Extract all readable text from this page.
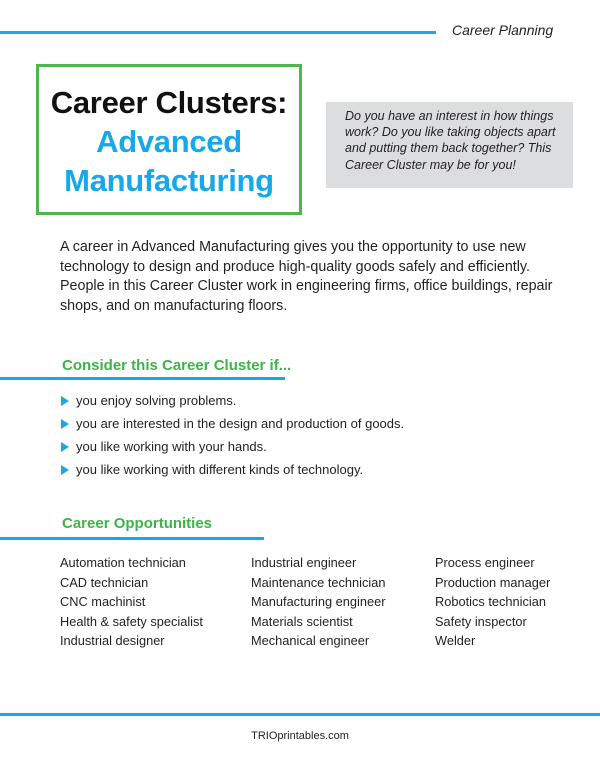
Career Planning
Career Clusters:
Advanced
Manufacturing
Do you have an interest in how things work? Do you like taking objects apart and putting them back together? This Career Cluster may be for you!
A career in Advanced Manufacturing gives you the opportunity to use new technology to design and produce high-quality goods safely and efficiently. People in this Career Cluster work in engineering firms, office buildings, repair shops, and on manufacturing floors.
Consider this Career Cluster if...
you enjoy solving problems.
you are interested in the design and production of goods.
you like working with your hands.
you like working with different kinds of technology.
Career Opportunities
Automation technician
CAD technician
CNC machinist
Health & safety specialist
Industrial designer
Industrial engineer
Maintenance technician
Manufacturing engineer
Materials scientist
Mechanical engineer
Process engineer
Production manager
Robotics technician
Safety inspector
Welder
TRIOprintables.com
